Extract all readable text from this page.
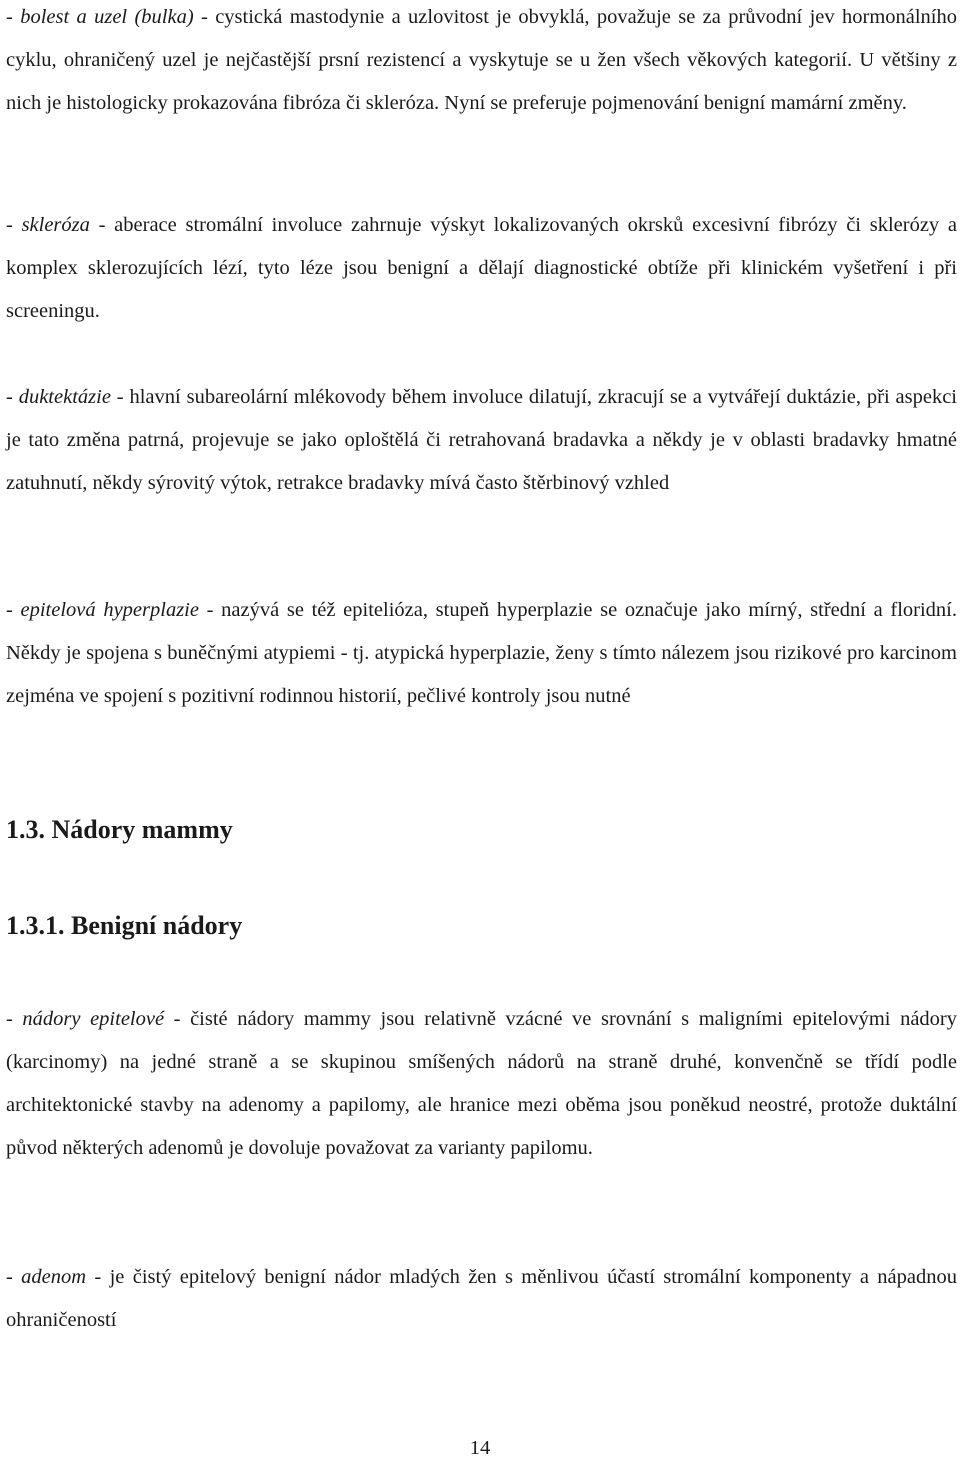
- bolest a uzel (bulka) - cystická mastodynie a uzlovitost je obvyklá, považuje se za průvodní jev hormonálního cyklu, ohraničený uzel je nejčastější prsní rezistencí a vyskytuje se u žen všech věkových kategorií. U většiny z nich je histologicky prokazována fibróza či skleróza. Nyní se preferuje pojmenování benigní mamární změny.

- skleróza - aberace stromální involuce zahrnuje výskyt lokalizovaných okrsků excesivní fibrózy či sklerózy a komplex sklerozujících lézí, tyto léze jsou benigní a dělají diagnostické obtíže při klinickém vyšetření i při screeningu.

- duktektázie - hlavní subareolární mlékovody během involuce dilatují, zkracují se a vytvářejí duktázie, při aspekci je tato změna patrná, projevuje se jako oploštělá či retrahovaná bradavka a někdy je v oblasti bradavky hmatné zatuhnutí, někdy sýrovitý výtok, retrakce bradavky mívá často štěrbinový vzhled

- epitelová hyperplazie - nazývá se též epitelióza, stupeň hyperplazie se označuje jako mírný, střední a floridní. Někdy je spojena s buněčnými atypiemi - tj. atypická hyperplazie, ženy s tímto nálezem jsou rizikové pro karcinom zejména ve spojení s pozitivní rodinnou historií, pečlivé kontroly jsou nutné

1.3. Nádory mammy
1.3.1. Benigní nádory

- nádory epitelové - čisté nádory mammy jsou relativně vzácné ve srovnání s maligními epitelovými nádory (karcinomy) na jedné straně a se skupinou smíšených nádorů na straně druhé, konvenčně se třídí podle architektonické stavby na adenomy a papilomy, ale hranice mezi oběma jsou poněkud neostré, protože duktální původ některých adenomů je dovoluje považovat za varianty papilomu.

- adenom - je čistý epitelový benigní nádor mladých žen s měnlivou účastí stromální komponenty a nápadnou ohraničeností

14
